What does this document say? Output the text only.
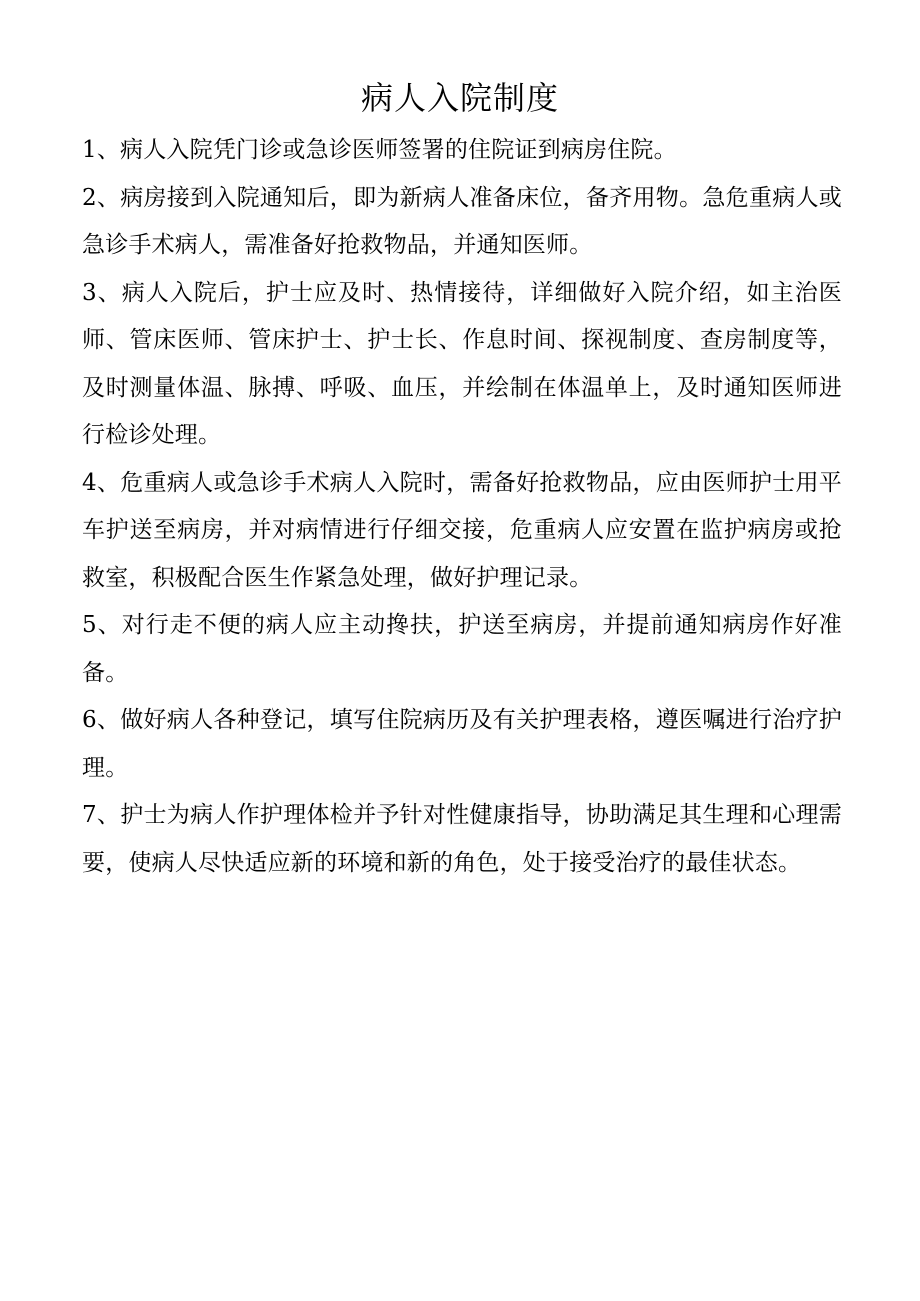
病人入院制度

1、病人入院凭门诊或急诊医师签署的住院证到病房住院。

2、病房接到入院通知后，即为新病人准备床位，备齐用物。急危重病人或急诊手术病人，需准备好抢救物品，并通知医师。

3、病人入院后，护士应及时、热情接待，详细做好入院介绍，如主治医师、管床医师、管床护士、护士长、作息时间、探视制度、查房制度等，及时测量体温、脉搏、呼吸、血压，并绘制在体温单上，及时通知医师进行检诊处理。

4、危重病人或急诊手术病人入院时，需备好抢救物品，应由医师护士用平车护送至病房，并对病情进行仔细交接，危重病人应安置在监护病房或抢救室，积极配合医生作紧急处理，做好护理记录。

5、对行走不便的病人应主动搀扶，护送至病房，并提前通知病房作好准备。

6、做好病人各种登记，填写住院病历及有关护理表格，遵医嘱进行治疗护理。

7、护士为病人作护理体检并予针对性健康指导，协助满足其生理和心理需要，使病人尽快适应新的环境和新的角色，处于接受治疗的最佳状态。
